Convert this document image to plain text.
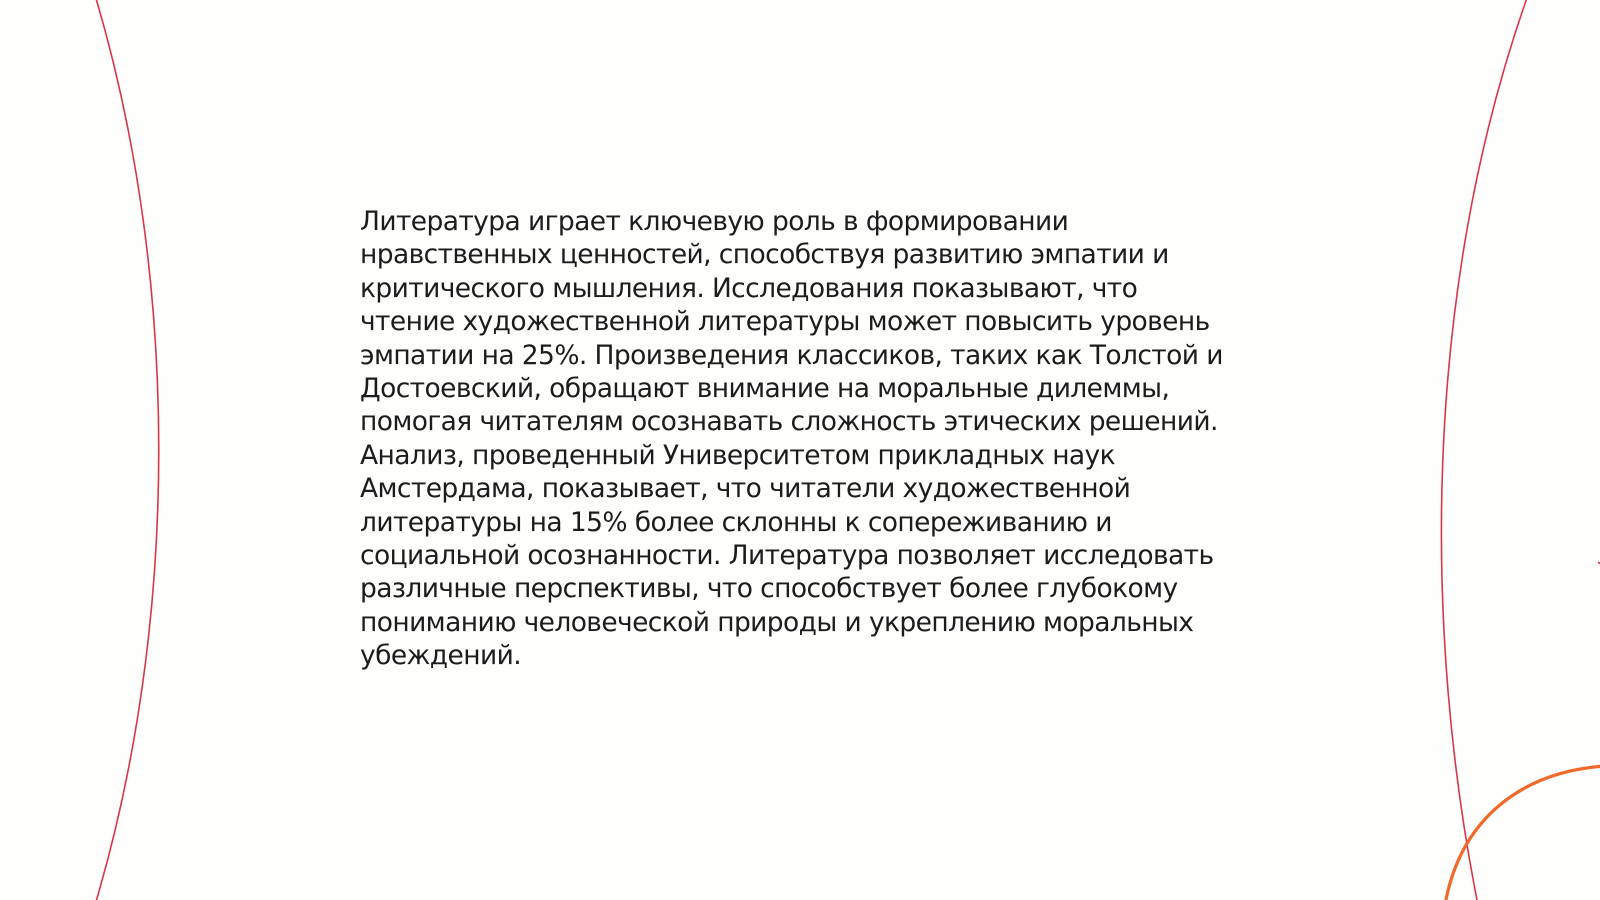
Литература играет ключевую роль в формировании
нравственных ценностей, способствуя развитию эмпатии и
критического мышления. Исследования показывают, что
чтение художественной литературы может повысить уровень
эмпатии на 25%. Произведения классиков, таких как Толстой и
Достоевский, обращают внимание на моральные дилеммы,
помогая читателям осознавать сложность этических решений.
Анализ, проведенный Университетом прикладных наук
Амстердама, показывает, что читатели художественной
литературы на 15% более склонны к сопереживанию и
социальной осознанности. Литература позволяет исследовать
различные перспективы, что способствует более глубокому
пониманию человеческой природы и укреплению моральных
убеждений.
